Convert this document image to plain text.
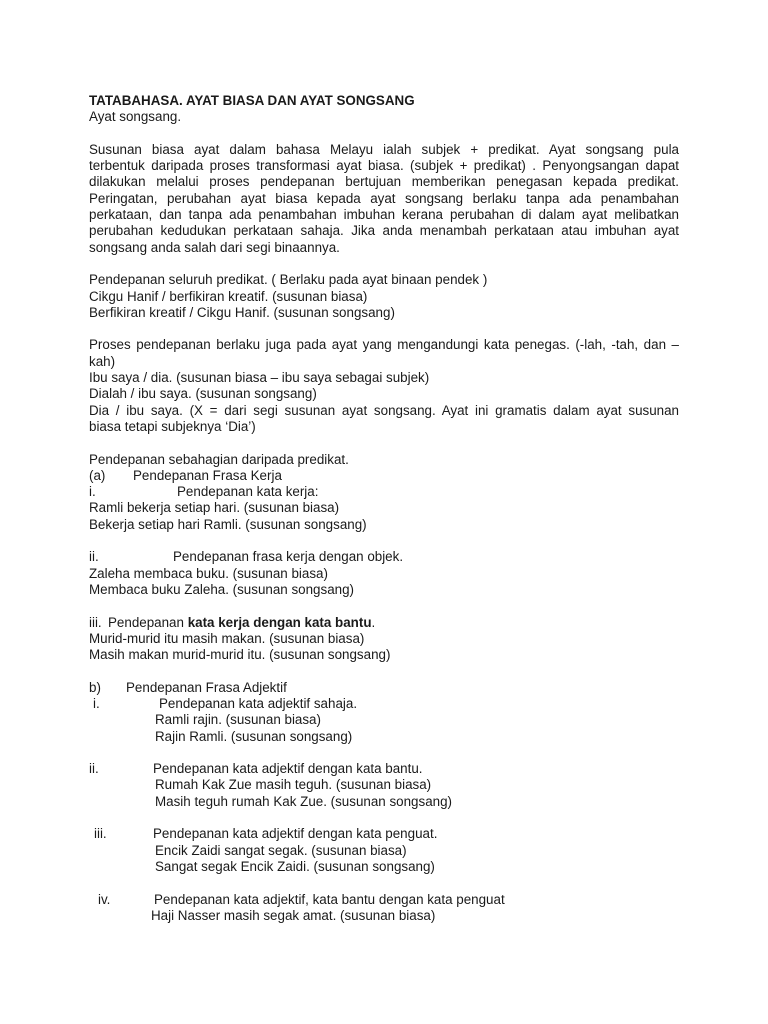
TATABAHASA. AYAT BIASA DAN AYAT SONGSANG
Ayat songsang.
Susunan biasa ayat dalam bahasa Melayu ialah subjek + predikat. Ayat songsang pula
terbentuk daripada proses transformasi ayat biasa. (subjek + predikat) . Penyongsangan dapat
dilakukan melalui proses pendepanan bertujuan memberikan penegasan kepada predikat.
Peringatan, perubahan ayat biasa kepada ayat songsang berlaku tanpa ada penambahan
perkataan, dan tanpa ada penambahan imbuhan kerana perubahan di dalam ayat melibatkan
perubahan kedudukan perkataan sahaja. Jika anda menambah perkataan atau imbuhan ayat
songsang anda salah dari segi binaannya.
Pendepanan seluruh predikat. ( Berlaku pada ayat binaan pendek )
Cikgu Hanif / berfikiran kreatif. (susunan biasa)
Berfikiran kreatif / Cikgu Hanif. (susunan songsang)
Proses pendepanan berlaku juga pada ayat yang mengandungi kata penegas. (-lah, -tah, dan –
kah)
Ibu saya / dia. (susunan biasa – ibu saya sebagai subjek)
Dialah / ibu saya. (susunan songsang)
Dia / ibu saya. (X = dari segi susunan ayat songsang. Ayat ini gramatis dalam ayat susunan
biasa tetapi subjeknya ‘Dia’)
Pendepanan sebahagian daripada predikat.
(a) Pendepanan Frasa Kerja
i.	Pendepanan kata kerja:
Ramli bekerja setiap hari. (susunan biasa)
Bekerja setiap hari Ramli. (susunan songsang)
ii.	Pendepanan frasa kerja dengan objek.
Zaleha membaca buku. (susunan biasa)
Membaca buku Zaleha. (susunan songsang)
iii. Pendepanan kata kerja dengan kata bantu.
Murid-murid itu masih makan. (susunan biasa)
Masih makan murid-murid itu. (susunan songsang)
b) Pendepanan Frasa Adjektif
i.	Pendepanan kata adjektif sahaja.
Ramli rajin. (susunan biasa)
Rajin Ramli. (susunan songsang)
ii.	Pendepanan kata adjektif dengan kata bantu.
Rumah Kak Zue masih teguh. (susunan biasa)
Masih teguh rumah Kak Zue. (susunan songsang)
iii.	Pendepanan kata adjektif dengan kata penguat.
Encik Zaidi sangat segak. (susunan biasa)
Sangat segak Encik Zaidi. (susunan songsang)
iv.	Pendepanan kata adjektif, kata bantu dengan kata penguat
Haji Nasser masih segak amat. (susunan biasa)
